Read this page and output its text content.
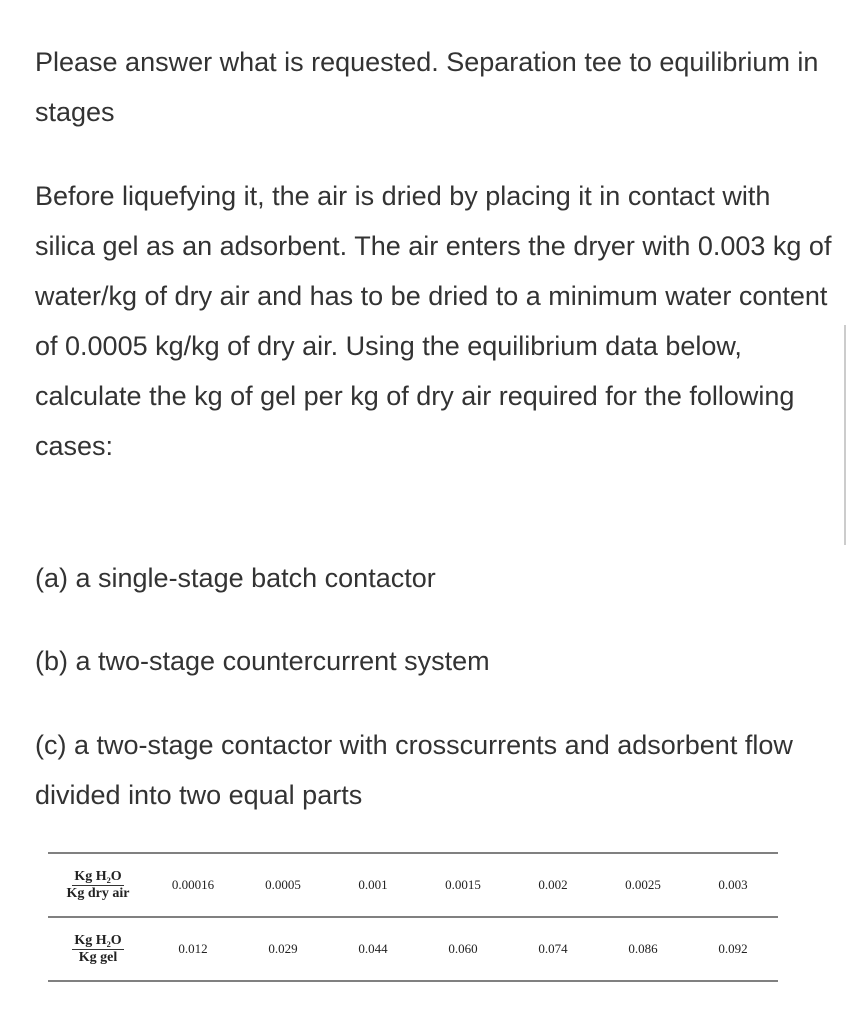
Please answer what is requested. Separation tee to equilibrium in stages

Before liquefying it, the air is dried by placing it in contact with silica gel as an adsorbent. The air enters the dryer with 0.003 kg of water/kg of dry air and has to be dried to a minimum water content of 0.0005 kg/kg of dry air. Using the equilibrium data below, calculate the kg of gel per kg of dry air required for the following cases:

(a) a single-stage batch contactor

(b) a two-stage countercurrent system

(c) a two-stage contactor with crosscurrents and adsorbent flow divided into two equal parts

Kg H₂O
Kg dry air
0.00016	0.0005	0.001	0.0015	0.002	0.0025	0.003
Kg H₂O
Kg gel
0.012	0.029	0.044	0.060	0.074	0.086	0.092
